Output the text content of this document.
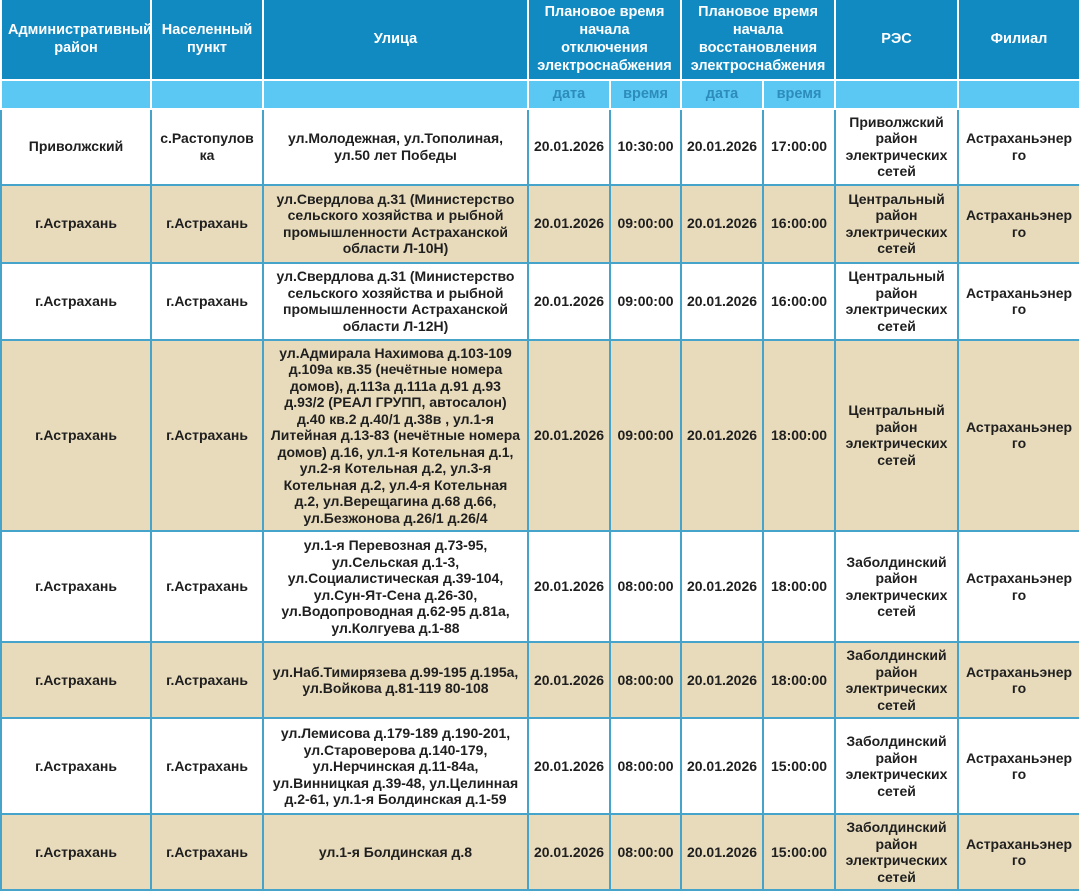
Административный район	Населенный пункт	Улица	Плановое время начала отключения электроснабжения		Плановое время начала восстановления электроснабжения		РЭС	Филиал
			дата	время	дата	время		
Приволжский	с.Растопуловка	ул.Молодежная, ул.Тополиная, ул.50 лет Победы	20.01.2026	10:30:00	20.01.2026	17:00:00	Приволжский район электрических сетей	Астраханьэнерго
г.Астрахань	г.Астрахань	ул.Свердлова д.31 (Министерство сельского хозяйства и рыбной промышленности Астраханской области Л-10Н)	20.01.2026	09:00:00	20.01.2026	16:00:00	Центральный район электрических сетей	Астраханьэнерго
г.Астрахань	г.Астрахань	ул.Свердлова д.31 (Министерство сельского хозяйства и рыбной промышленности Астраханской области Л-12Н)	20.01.2026	09:00:00	20.01.2026	16:00:00	Центральный район электрических сетей	Астраханьэнерго
г.Астрахань	г.Астрахань	ул.Адмирала Нахимова д.103-109 д.109а кв.35 (нечётные номера домов), д.113а д.111а д.91 д.93 д.93/2 (РЕАЛ ГРУПП, автосалон) д.40 кв.2 д.40/1 д.38в , ул.1-я Литейная д.13-83 (нечётные номера домов) д.16, ул.1-я Котельная д.1, ул.2-я Котельная д.2, ул.3-я Котельная д.2, ул.4-я Котельная д.2, ул.Верещагина д.68 д.66, ул.Безжонова д.26/1 д.26/4	20.01.2026	09:00:00	20.01.2026	18:00:00	Центральный район электрических сетей	Астраханьэнерго
г.Астрахань	г.Астрахань	ул.1-я Перевозная д.73-95, ул.Сельская д.1-3, ул.Социалистическая д.39-104, ул.Сун-Ят-Сена д.26-30, ул.Водопроводная д.62-95 д.81а, ул.Колгуева д.1-88	20.01.2026	08:00:00	20.01.2026	18:00:00	Заболдинский район электрических сетей	Астраханьэнерго
г.Астрахань	г.Астрахань	ул.Наб.Тимирязева д.99-195 д.195а, ул.Войкова д.81-119 80-108	20.01.2026	08:00:00	20.01.2026	18:00:00	Заболдинский район электрических сетей	Астраханьэнерго
г.Астрахань	г.Астрахань	ул.Лемисова д.179-189 д.190-201, ул.Староверова д.140-179, ул.Нерчинская д.11-84а, ул.Винницкая д.39-48, ул.Целинная д.2-61, ул.1-я Болдинская д.1-59	20.01.2026	08:00:00	20.01.2026	15:00:00	Заболдинский район электрических сетей	Астраханьэнерго
г.Астрахань	г.Астрахань	ул.1-я Болдинская д.8	20.01.2026	08:00:00	20.01.2026	15:00:00	Заболдинский район электрических сетей	Астраханьэнерго
